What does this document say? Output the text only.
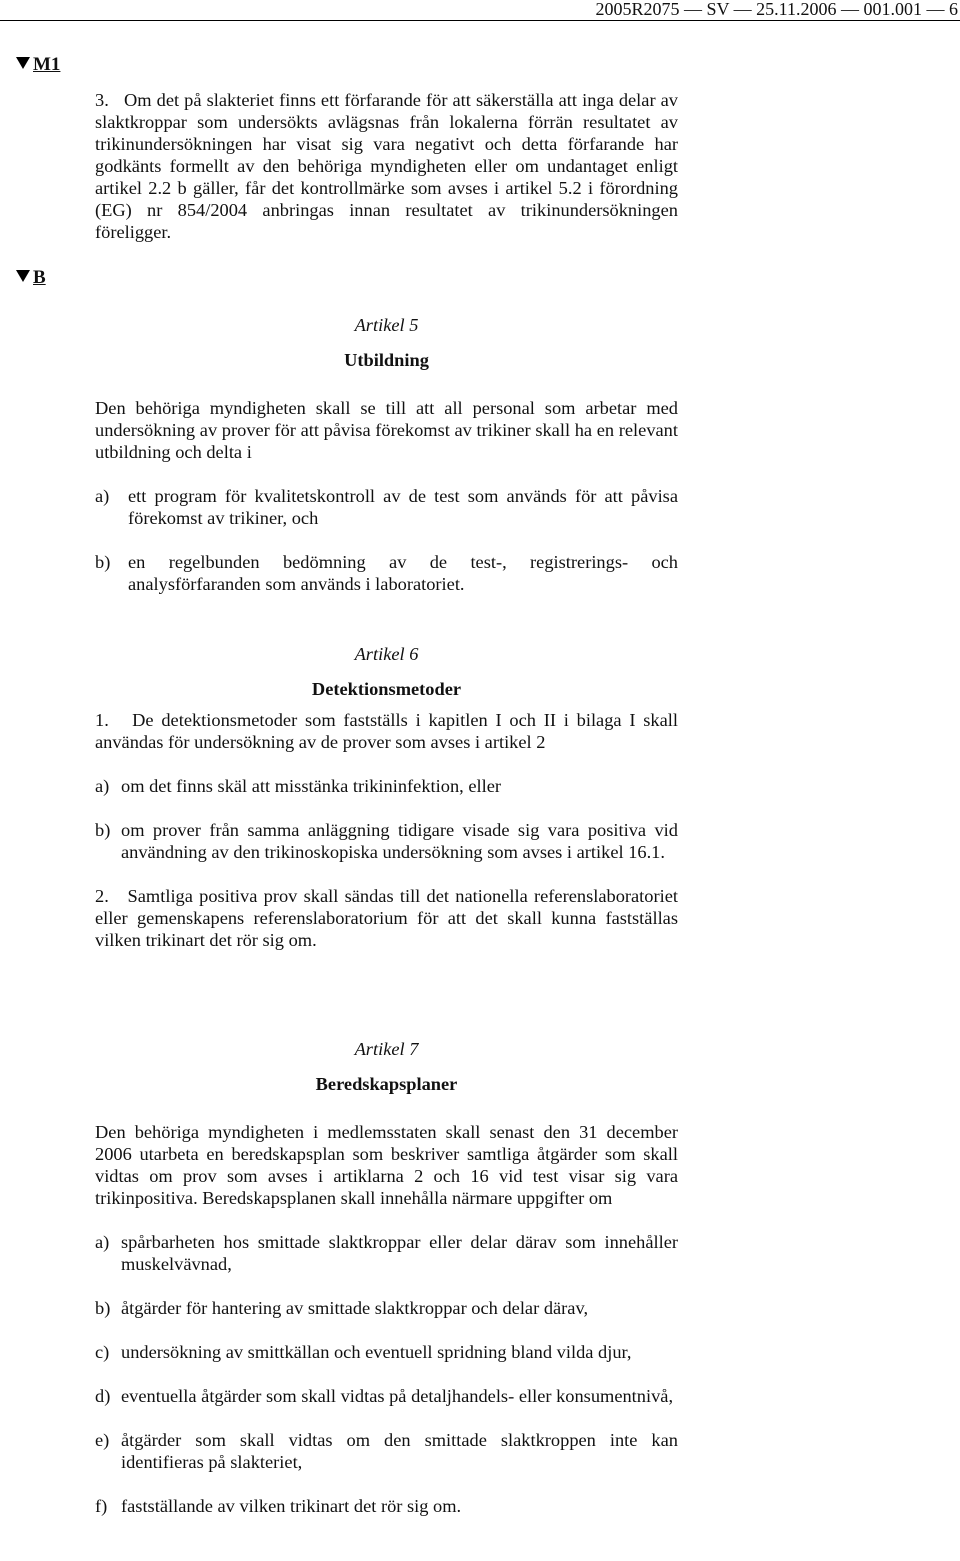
2005R2075 — SV — 25.11.2006 — 001.001 — 6
M1
B

3.   Om det på slakteriet finns ett förfarande för att säkerställa att inga delar av slaktkroppar som undersökts avlägsnas från lokalerna förrän resultatet av trikinundersökningen har visat sig vara negativt och detta förfarande har godkänts formellt av den behöriga myndigheten eller om undantaget enligt artikel 2.2 b gäller, får det kontrollmärke som avses i artikel 5.2 i förordning (EG) nr 854/2004 anbringas innan resultatet av trikinundersökningen föreligger.

Artikel 5

Utbildning

Den behöriga myndigheten skall se till att all personal som arbetar med undersökning av prover för att påvisa förekomst av trikiner skall ha en relevant utbildning och delta i

a)	ett program för kvalitetskontroll av de test som används för att påvisa förekomst av trikiner, och
b) en regelbunden bedömning av de test-, registrerings- och analysförfaranden som används i laboratoriet.

Artikel 6

Detektionsmetoder

1.   De detektionsmetoder som fastställs i kapitlen I och II i bilaga I skall användas för undersökning av de prover som avses i artikel 2

a) om det finns skäl att misstänka trikininfektion, eller
b) om prover från samma anläggning tidigare visade sig vara positiva vid användning av den trikinoskopiska undersökning som avses i artikel 16.1.

2.   Samtliga positiva prov skall sändas till det nationella referenslaboratoriet eller gemenskapens referenslaboratorium för att det skall kunna fastställas vilken trikinart det rör sig om.

Artikel 7

Beredskapsplaner

Den behöriga myndigheten i medlemsstaten skall senast den 31 december 2006 utarbeta en beredskapsplan som beskriver samtliga åtgärder som skall vidtas om prov som avses i artiklarna 2 och 16 vid test visar sig vara trikinpositiva. Beredskapsplanen skall innehålla närmare uppgifter om

a) spårbarheten hos smittade slaktkroppar eller delar därav som innehåller muskelvävnad,
b) åtgärder för hantering av smittade slaktkroppar och delar därav,
c) undersökning av smittkällan och eventuell spridning bland vilda djur,
d) eventuella åtgärder som skall vidtas på detaljhandels- eller konsumentnivå,
e) åtgärder som skall vidtas om den smittade slaktkroppen inte kan identifieras på slakteriet,
f) fastställande av vilken trikinart det rör sig om.
